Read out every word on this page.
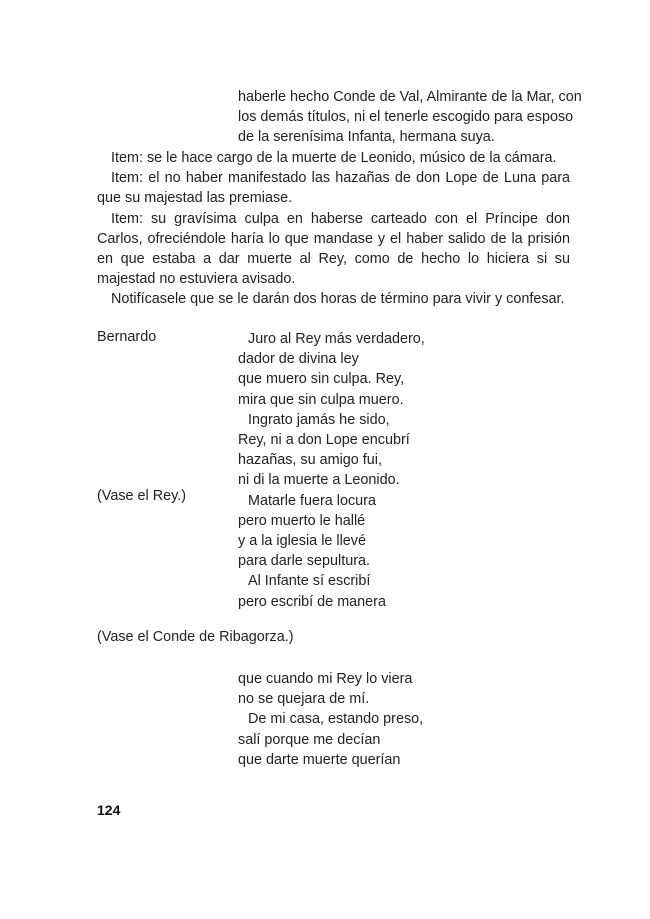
haberle hecho Conde de Val, Almirante de la Mar, con
los demás títulos, ni el tenerle escogido para esposo
de la serenísima Infanta, hermana suya.

Item: se le hace cargo de la muerte de Leonido, músico de la cámara.

Item: el no haber manifestado las hazañas de don Lope de Luna para que su majestad las premiase.

Item: su gravísima culpa en haberse carteado con el Príncipe don Carlos, ofreciéndole haría lo que mandase y el haber salido de la prisión en que estaba a dar muerte al Rey, como de hecho lo hiciera si su majestad no estuviera avisado.

Notifícasele que se le darán dos horas de término para vivir y confesar.

Bernardo
(Vase el Rey.)
(Vase el Conde de Ribagorza.)
Juro al Rey más verdadero,
dador de divina ley
que muero sin culpa. Rey,
mira que sin culpa muero.
Ingrato jamás he sido,
Rey, ni a don Lope encubrí
hazañas, su amigo fui,
ni di la muerte a Leonido.
Matarle fuera locura
pero muerto le hallé
y a la iglesia le llevé
para darle sepultura.
Al Infante sí escribí
pero escribí de manera
que cuando mi Rey lo viera
no se quejara de mí.
De mi casa, estando preso,
salí porque me decían
que darte muerte querían
124
